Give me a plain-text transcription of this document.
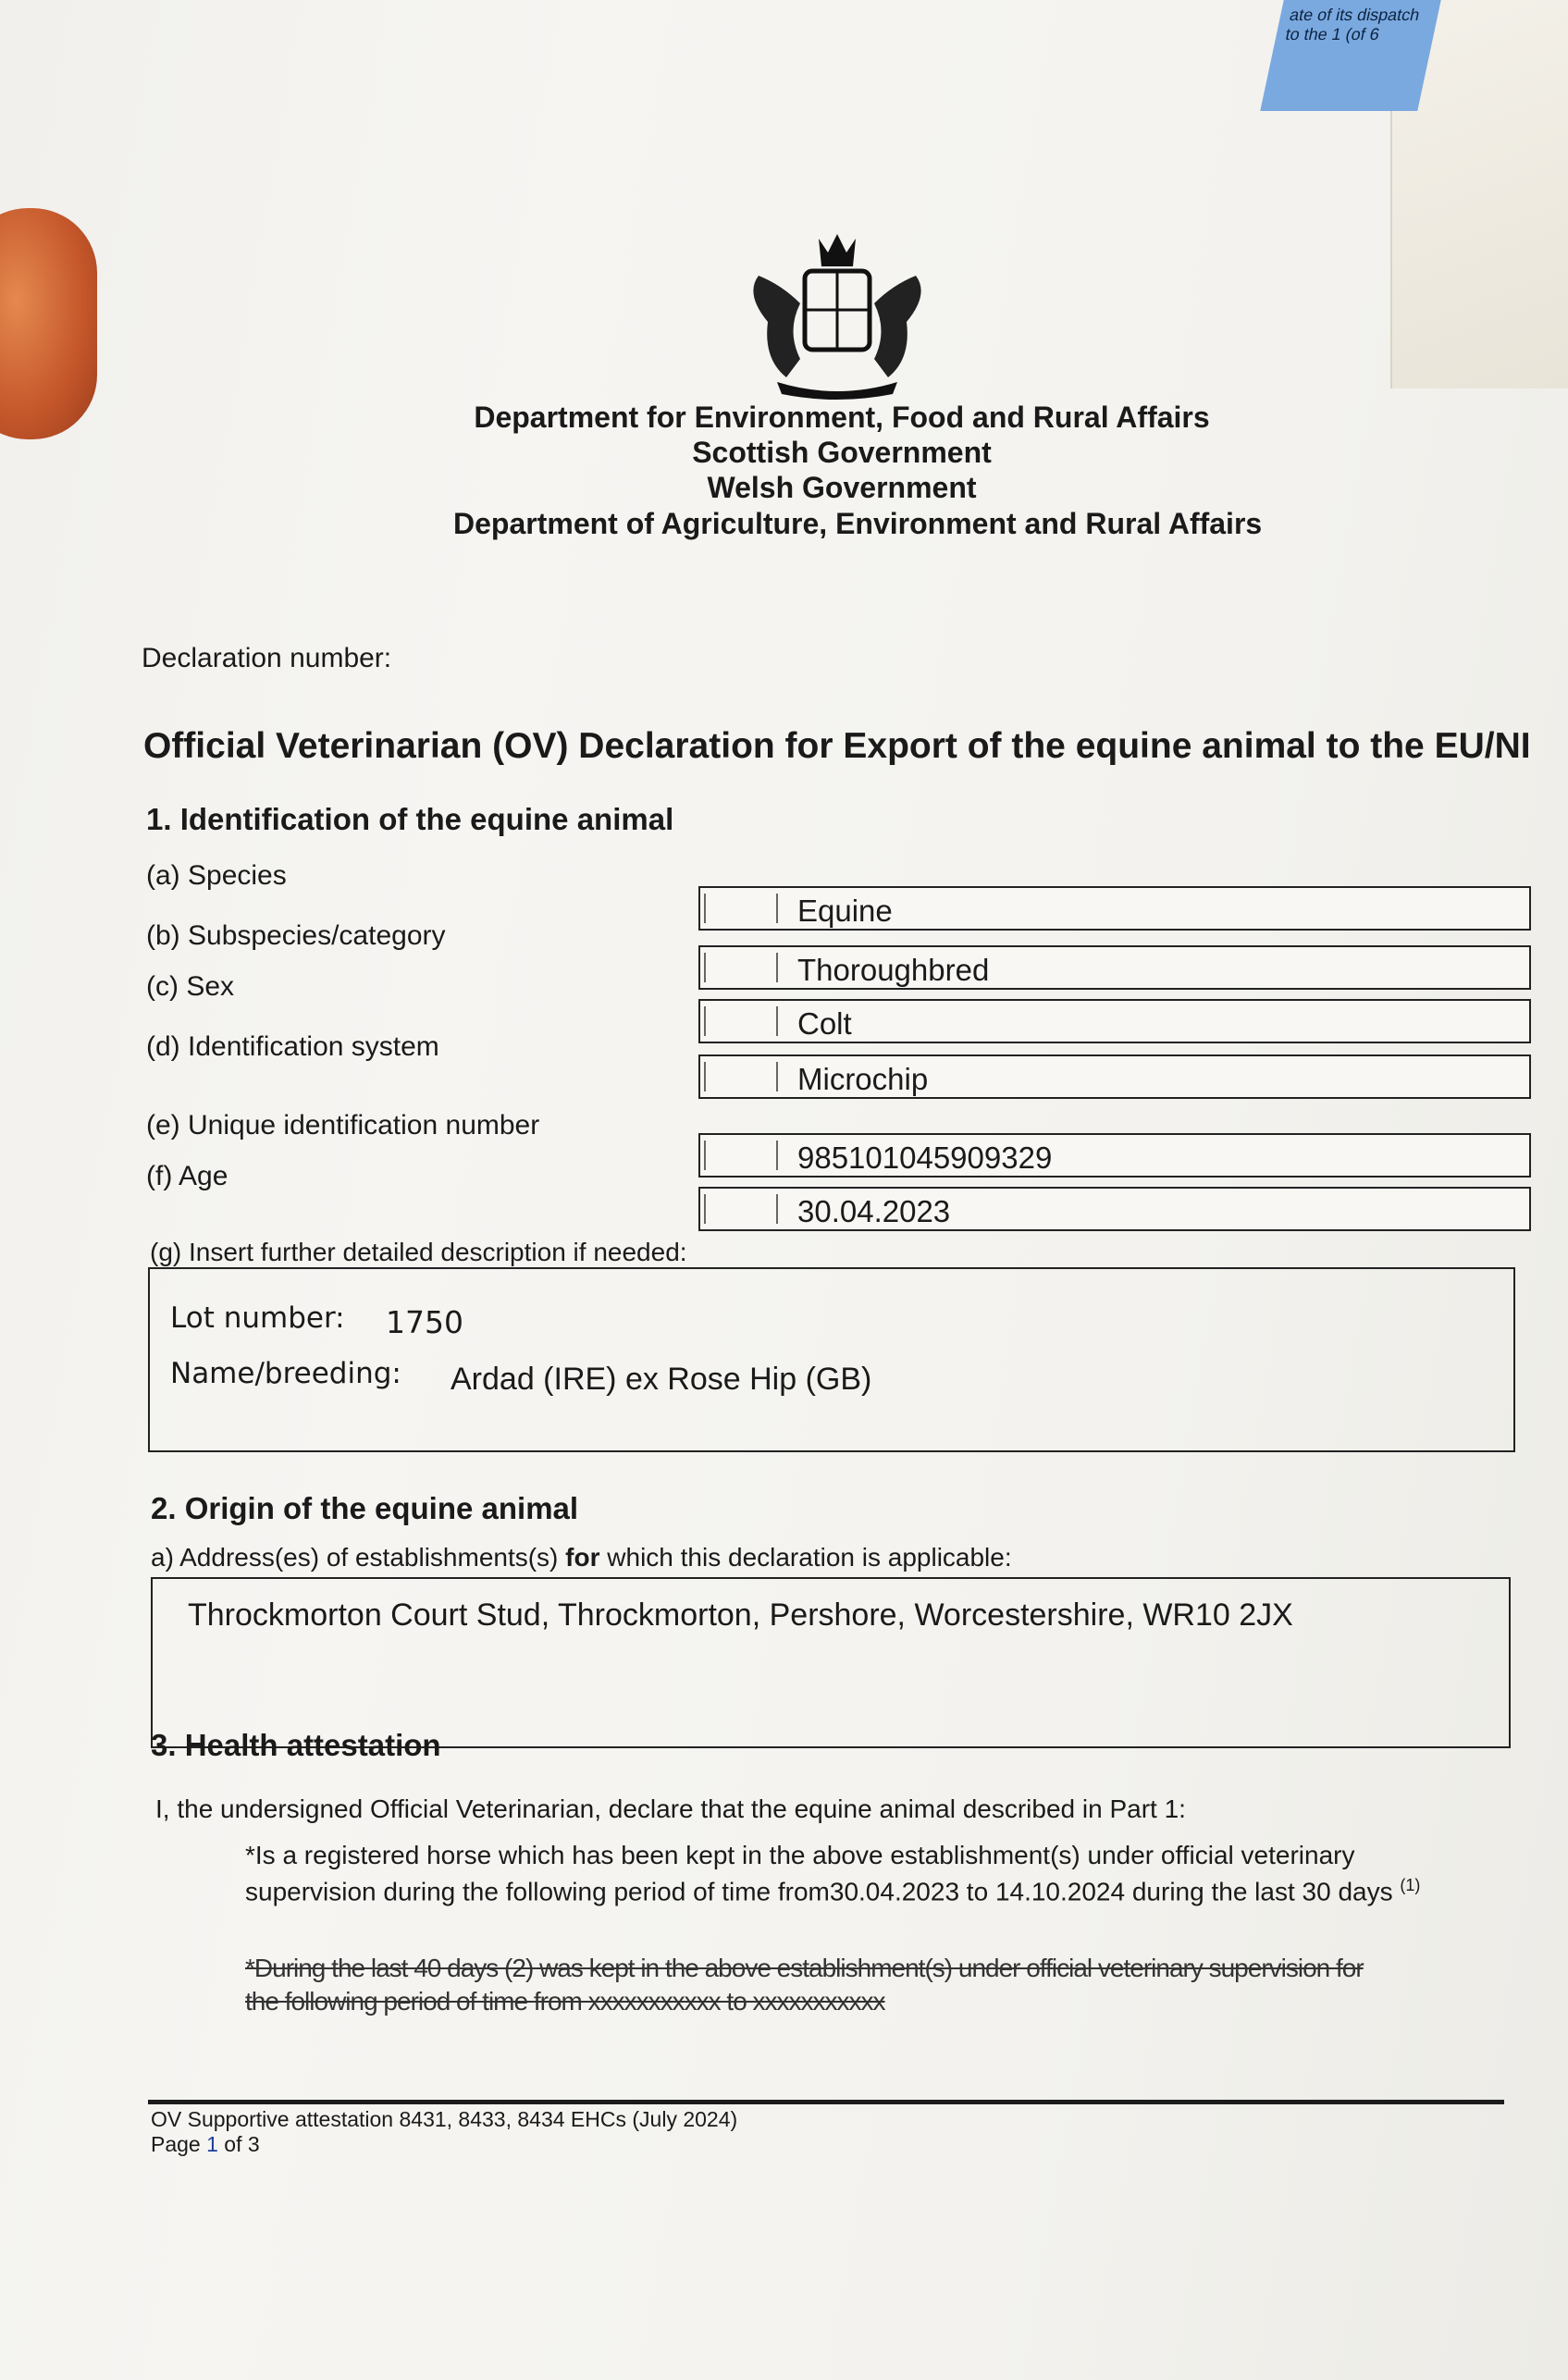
ate of its dispatch to the 1 (of 6
Department for Environment, Food and Rural Affairs
Scottish Government
Welsh Government
Department of Agriculture, Environment and Rural Affairs
Declaration number:
Official Veterinarian (OV) Declaration for Export of the equine animal to the EU/NI
1. Identification of the equine animal
(a) Species
Equine
(b) Subspecies/category
Thoroughbred
(c) Sex
Colt
(d) Identification system
Microchip
(e) Unique identification number
985101045909329
(f) Age
30.04.2023
(g) Insert further detailed description if needed:
Lot number: 1750
Name/breeding: Ardad (IRE) ex Rose Hip (GB)
2. Origin of the equine animal
a) Address(es) of establishments(s) for which this declaration is applicable:
Throckmorton Court Stud, Throckmorton, Pershore, Worcestershire, WR10 2JX
3. Health attestation
I, the undersigned Official Veterinarian, declare that the equine animal described in Part 1:
*Is a registered horse which has been kept in the above establishment(s) under official veterinary
supervision during the following period of time from30.04.2023 to 14.10.2024 during the last 30 days $^{(1)}$
*During the last 40 days (2) was kept in the above establishment(s) under official veterinary supervision for
the following period of time from xxxxxxxxxxx to xxxxxxxxxxx
OV Supportive attestation 8431, 8433, 8434 EHCs (July 2024)
Page 1 of 3
